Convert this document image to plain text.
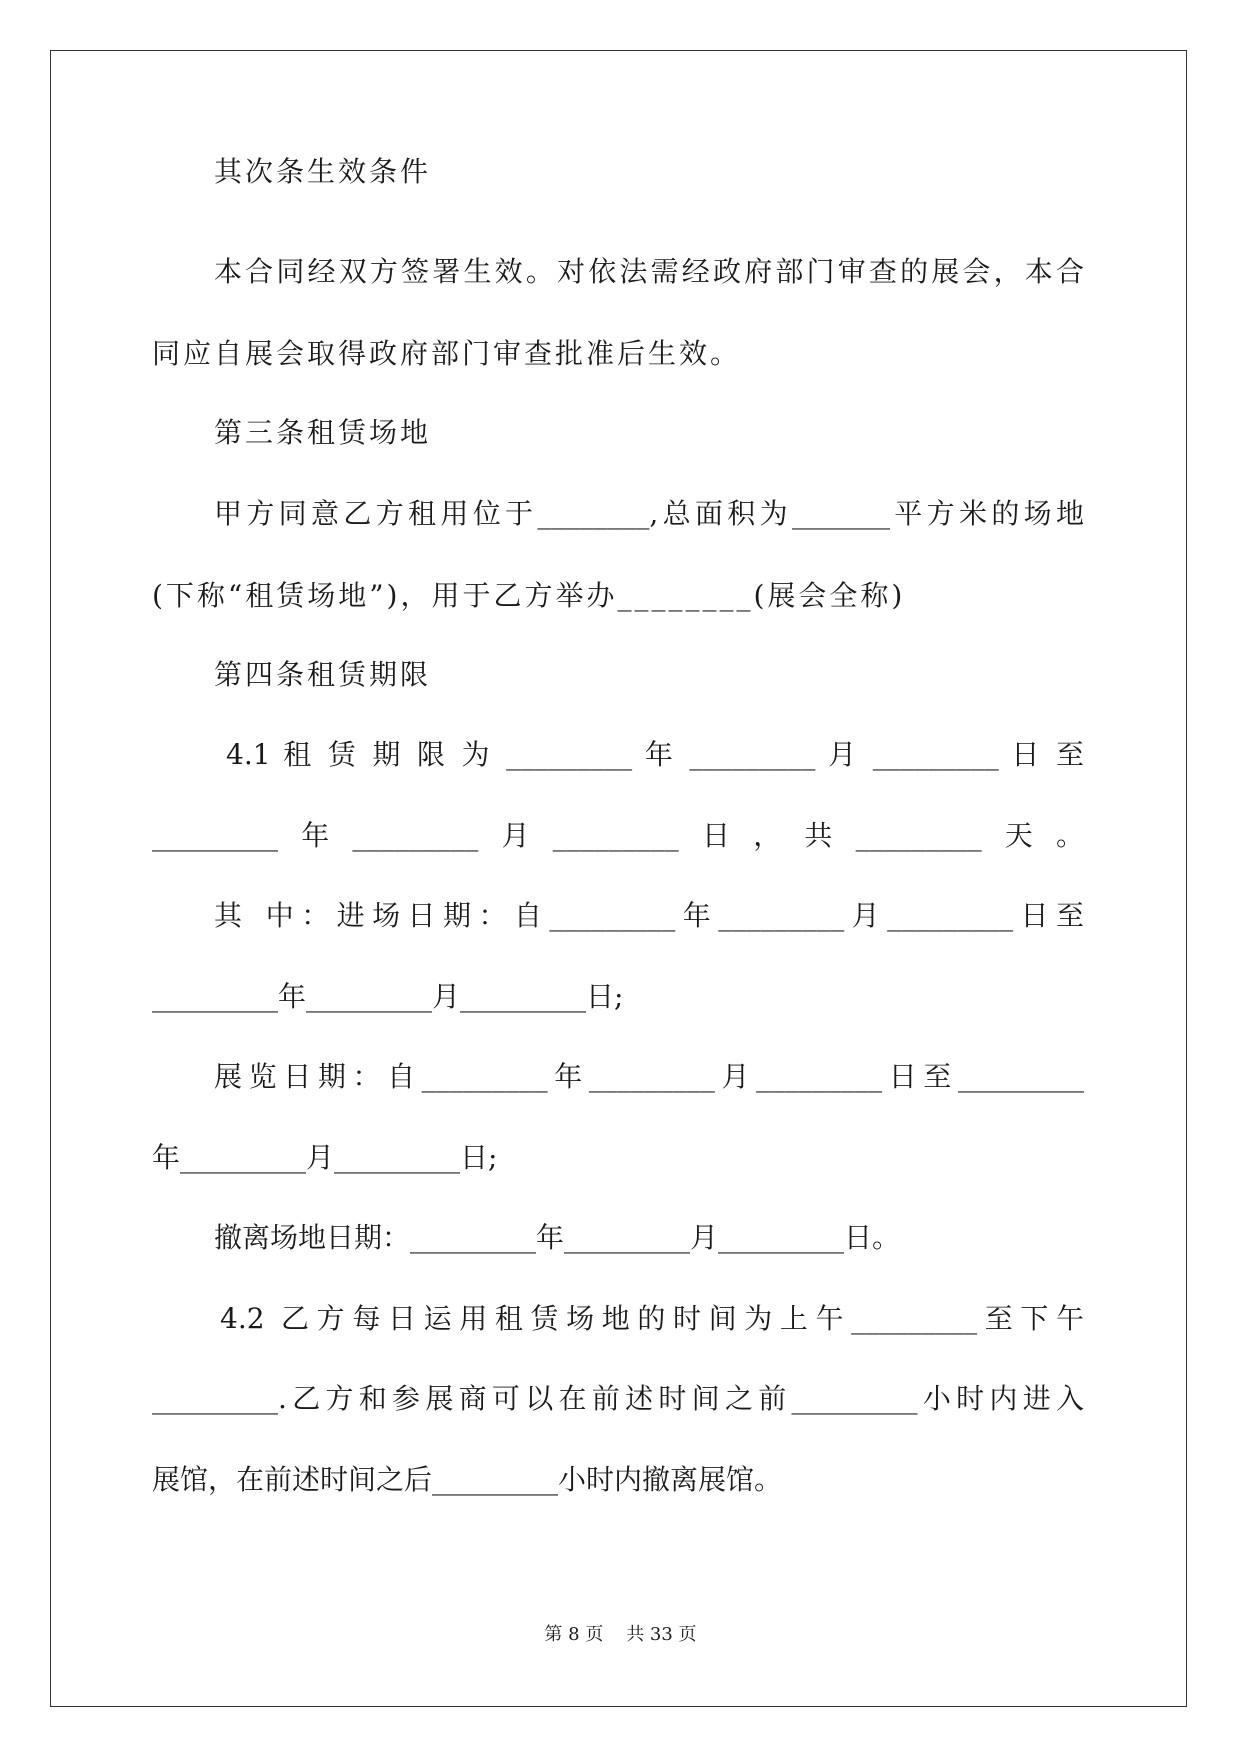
其次条生效条件
本合同经双方签署生效。对依法需经政府部门审查的展会，本合
同应自展会取得政府部门审查批准后生效。
第三条租赁场地
甲方同意乙方租用位于________,总面积为_______平方米的场地
(下称“租赁场地”)，用于乙方举办________(展会全称)
第四条租赁期限
4.1 租 赁 期 限 为 _________ 年 _________ 月 _________ 日 至
_________年_________月_________日，共_________天。
其 中：进场日期：自_________年_________月_________日至
_________年_________月_________日;
展览日期：自_________年_________月_________日至_________
年_________月_________日;
撤离场地日期：_________年_________月_________日。
4.2 乙方每日运用租赁场地的时间为上午_________至下午
_________.乙方和参展商可以在前述时间之前_________小时内进入
展馆，在前述时间之后_________小时内撤离展馆。
第 8 页    共 33 页
